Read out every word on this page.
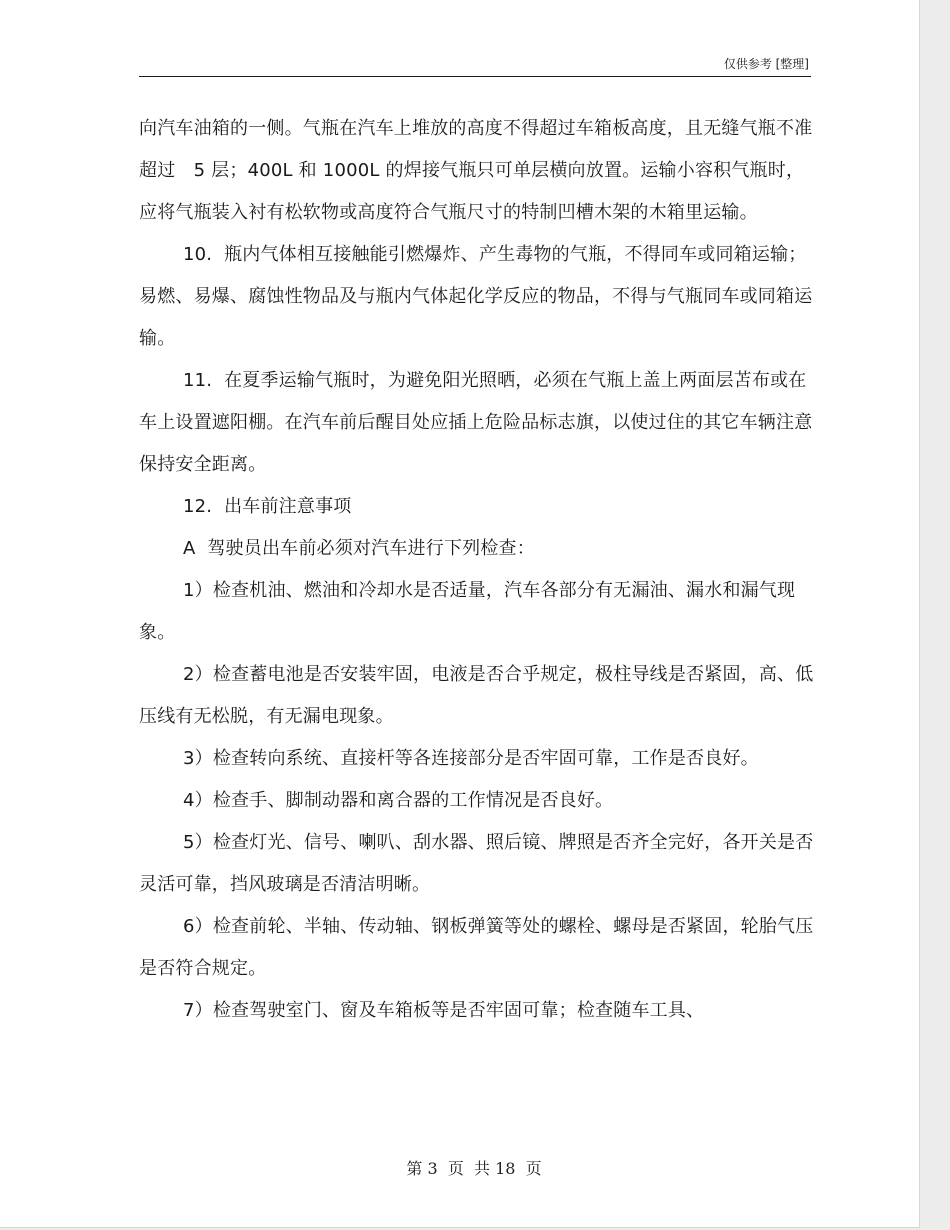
仅供参考 [整理]

向汽车油箱的一侧。气瓶在汽车上堆放的高度不得超过车箱板高度，且无缝气瓶不准超过　5 层；400L 和 1000L 的焊接气瓶只可单层横向放置。运输小容积气瓶时，　应将气瓶装入衬有松软物或高度符合气瓶尺寸的特制凹槽木架的木箱里运输。

10.  瓶内气体相互接触能引燃爆炸、产生毒物的气瓶，不得同车或同箱运输；易燃、易爆、腐蚀性物品及与瓶内气体起化学反应的物品，不得与气瓶同车或同箱运输。

11.  在夏季运输气瓶时，为避免阳光照晒，必须在气瓶上盖上两面层苫布或在车上设置遮阳棚。在汽车前后醒目处应插上危险品标志旗，以使过住的其它车辆注意保持安全距离。

12.  出车前注意事项

A  驾驶员出车前必须对汽车进行下列检查：

1）检查机油、燃油和冷却水是否适量，汽车各部分有无漏油、漏水和漏气现象。

2）检查蓄电池是否安装牢固，电液是否合乎规定，极柱导线是否紧固，高、低压线有无松脱，有无漏电现象。

3）检查转向系统、直接杆等各连接部分是否牢固可靠，工作是否良好。

4）检查手、脚制动器和离合器的工作情况是否良好。

5）检查灯光、信号、喇叭、刮水器、照后镜、牌照是否齐全完好，各开关是否灵活可靠，挡风玻璃是否清洁明晰。

6）检查前轮、半轴、传动轴、钢板弹簧等处的螺栓、螺母是否紧固，轮胎气压是否符合规定。

7）检查驾驶室门、窗及车箱板等是否牢固可靠；检查随车工具、

第 3  页  共 18  页
